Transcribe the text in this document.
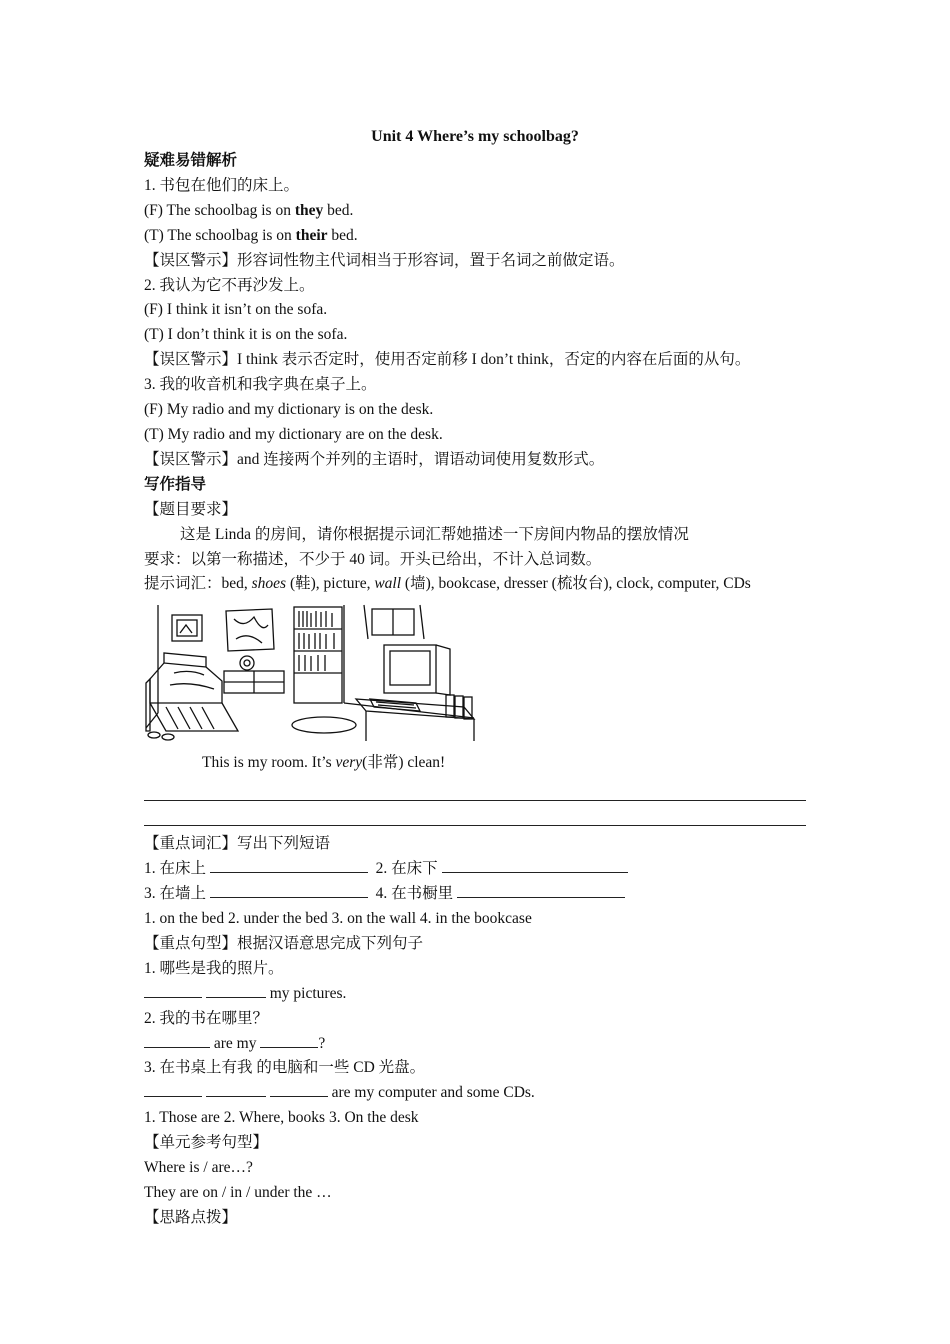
Unit 4 Where’s my schoolbag?
疑难易错解析
1. 书包在他们的床上。
(F) The schoolbag is on they bed.
(T) The schoolbag is on their bed.
【误区警示】形容词性物主代词相当于形容词，置于名词之前做定语。
2. 我认为它不再沙发上。
(F) I think it isn’t on the sofa.
(T) I don’t think it is on the sofa.
【误区警示】I think 表示否定时，使用否定前移 I don’t think，否定的内容在后面的从句。
3. 我的收音机和我字典在桌子上。
(F) My radio and my dictionary is on the desk.
(T) My radio and my dictionary are on the desk.
【误区警示】and 连接两个并列的主语时，谓语动词使用复数形式。
写作指导
【题目要求】
这是 Linda 的房间，请你根据提示词汇帮她描述一下房间内物品的摆放情况
要求：以第一称描述，不少于 40 词。开头已给出，不计入总词数。
提示词汇：bed, shoes (鞋), picture, wall (墙), bookcase, dresser (梳妆台), clock, computer, CDs
This is my room. It’s very(非常) clean!
【重点词汇】写出下列短语
1. 在床上	2. 在床下
3. 在墙上	4. 在书橱里
1. on the bed 2. under the bed 3. on the wall 4. in the bookcase
【重点句型】根据汉语意思完成下列句子
1. 哪些是我的照片。
my pictures.
2. 我的书在哪里？
are my	?
3. 在书桌上有我 的电脑和一些 CD 光盘。
are my computer and some CDs.
1. Those are 2. Where, books 3. On the desk
【单元参考句型】
Where is / are…?
They are on / in / under the …
【思路点拨】
